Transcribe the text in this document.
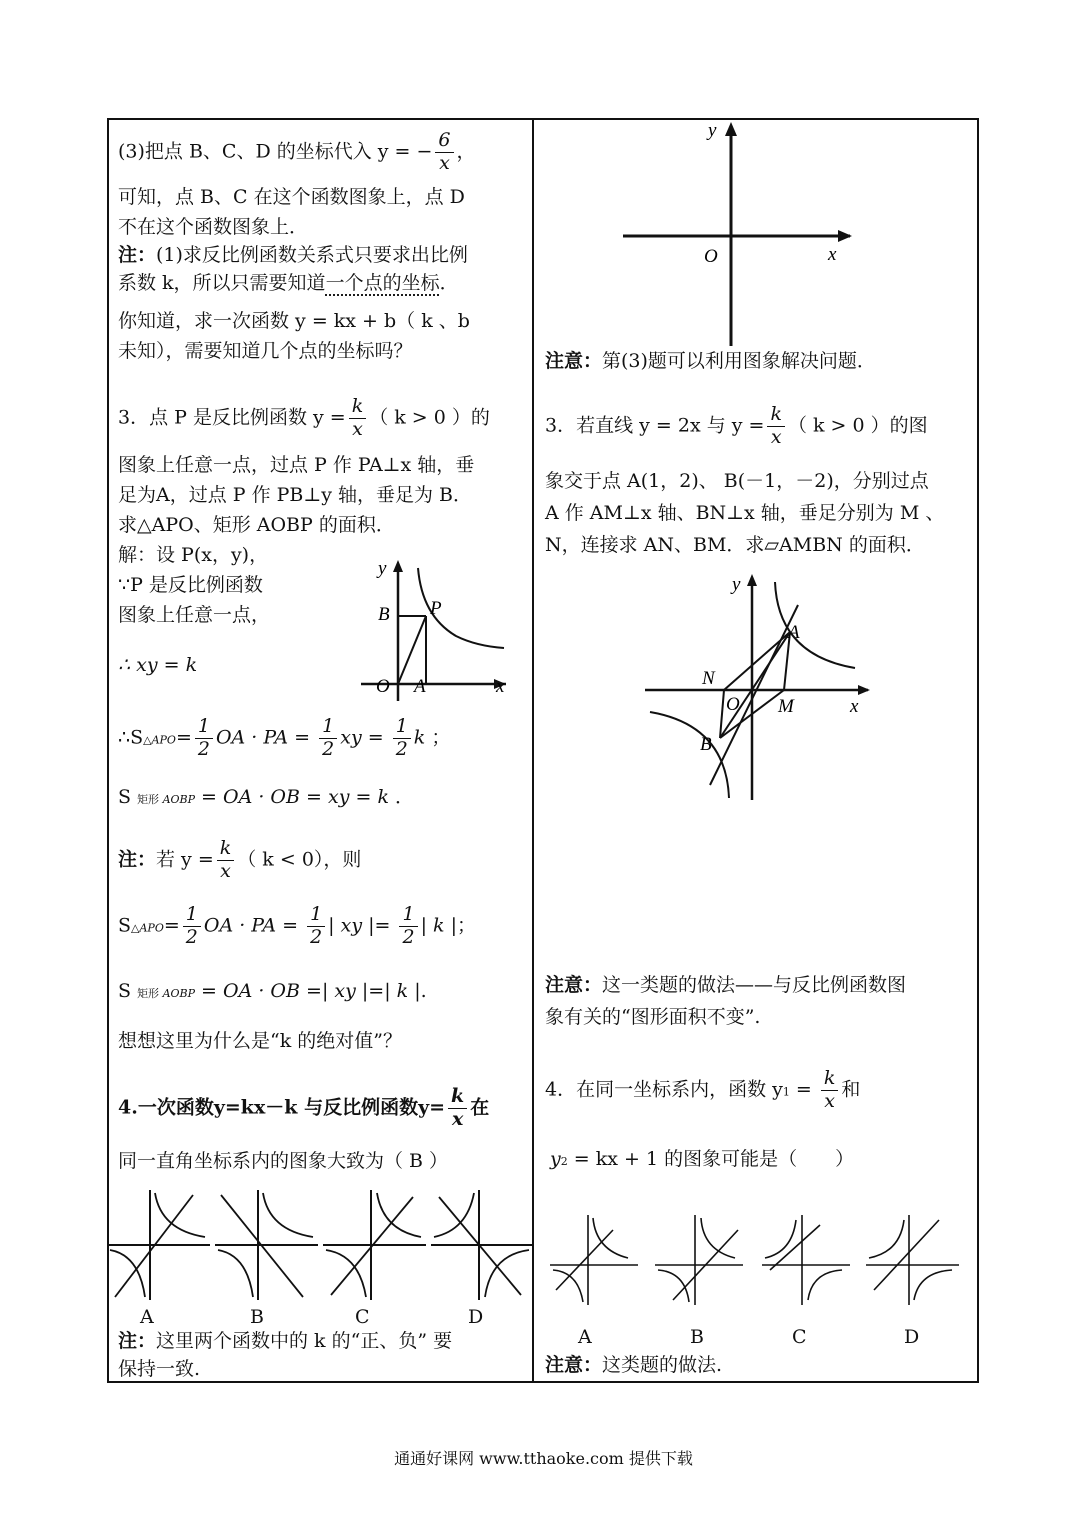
(3)把点 B、C、D 的坐标代入 y = − $\frac{6}{x}$ ，
可知，点 B、C 在这个函数图象上，点 D
不在这个函数图象上．
注：(1)求反比例函数关系式只要求出比例
系数 k，所以只需要知道一个点的坐标．
你知道，求一次函数 y = kx + b（ k 、b
未知），需要知道几个点的坐标吗？
3．点 P 是反比例函数 $y = \frac{k}{x}$ （ k > 0 ）的
图象上任意一点，过点 P 作 PA⊥x 轴，垂
足为A，过点 P 作 PB⊥y 轴，垂足为 B．
求△APO、矩形 AOBP 的面积．
解：设 P(x，y)，
∵P 是反比例函数
图象上任意一点，
∴ xy = k
y
x
O A
B P
∴S△APO= $\frac{1}{2}$ OA · PA = $\frac{1}{2}$ xy = $\frac{1}{2}$ k ；
S 矩形 AOBP = OA · OB = xy = k ．
注：若 $y = \frac{k}{x}$ （ k < 0），则
S△APO= $\frac{1}{2}$ OA · PA = $\frac{1}{2}$ | xy |= $\frac{1}{2}$ | k |；
S 矩形 AOBP = OA · OB =| xy |=| k |.
想想这里为什么是“k 的绝对值”？
4.一次函数y=kx－k 与反比例函数$y= \frac{k}{x}$ 在
同一直角坐标系内的图象大致为（ B ）
A	B	C	D
注：这里两个函数中的 k 的“正、负” 要
保持一致.
y
x
O
注意：第(3)题可以利用图象解决问题．
3．若直线 y = 2x 与 $y = \frac{k}{x}$ （ k > 0 ）的图
象交于点 A(1，2)、 B(－1，－2)，分别过点
A 作 AM⊥x 轴、BN⊥x 轴，垂足分别为 M 、
N，连接求 AN、BM．求▱AMBN 的面积．
y
x
O
A
B
M
N
注意：这一类题的做法——与反比例函数图
象有关的“图形面积不变”.
4．在同一坐标系内，函数 $y1 = \frac{k}{x}$ 和
y2 = kx + 1 的图象可能是（　　）
A	B	C	D
注意：这类题的做法.
通通好课网 www.tthaoke.com 提供下载
